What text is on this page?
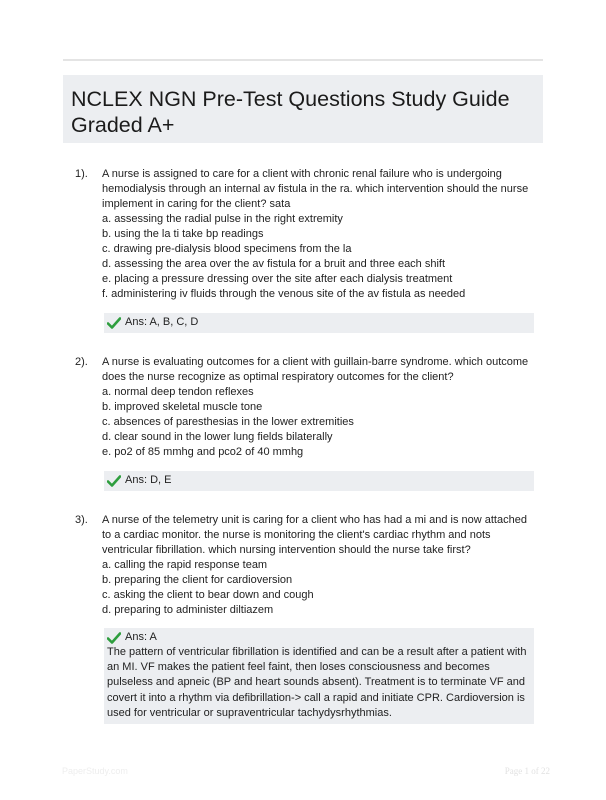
NCLEX NGN Pre-Test Questions Study Guide Graded A+
1). A nurse is assigned to care for a client with chronic renal failure who is undergoing hemodialysis through an internal av fistula in the ra. which intervention should the nurse implement in caring for the client? sata

a. assessing the radial pulse in the right extremity

b. using the la ti take bp readings

c. drawing pre-dialysis blood specimens from the la

d. assessing the area over the av fistula for a bruit and three each shift

e. placing a pressure dressing over the site after each dialysis treatment

f. administering iv fluids through the venous site of the av fistula as needed

Ans: A, B, C, D
2). A nurse is evaluating outcomes for a client with guillain-barre syndrome. which outcome does the nurse recognize as optimal respiratory outcomes for the client?

a. normal deep tendon reflexes

b. improved skeletal muscle tone

c. absences of paresthesias in the lower extremities

d. clear sound in the lower lung fields bilaterally

e. po2 of 85 mmhg and pco2 of 40 mmhg

Ans: D, E
3). A nurse of the telemetry unit is caring for a client who has had a mi and is now attached to a cardiac monitor. the nurse is monitoring the client's cardiac rhythm and nots ventricular fibrillation. which nursing intervention should the nurse take first?

a. calling the rapid response team

b. preparing the client for cardioversion

c. asking the client to bear down and cough

d. preparing to administer diltiazem

Ans: A

The pattern of ventricular fibrillation is identified and can be a result after a patient with an MI. VF makes the patient feel faint, then loses consciousness and becomes pulseless and apneic (BP and heart sounds absent). Treatment is to terminate VF and covert it into a rhythm via defibrillation-> call a rapid and initiate CPR. Cardioversion is used for ventricular or supraventricular tachydysrhythmias.

PaperStudy.com	Page 1 of 22
